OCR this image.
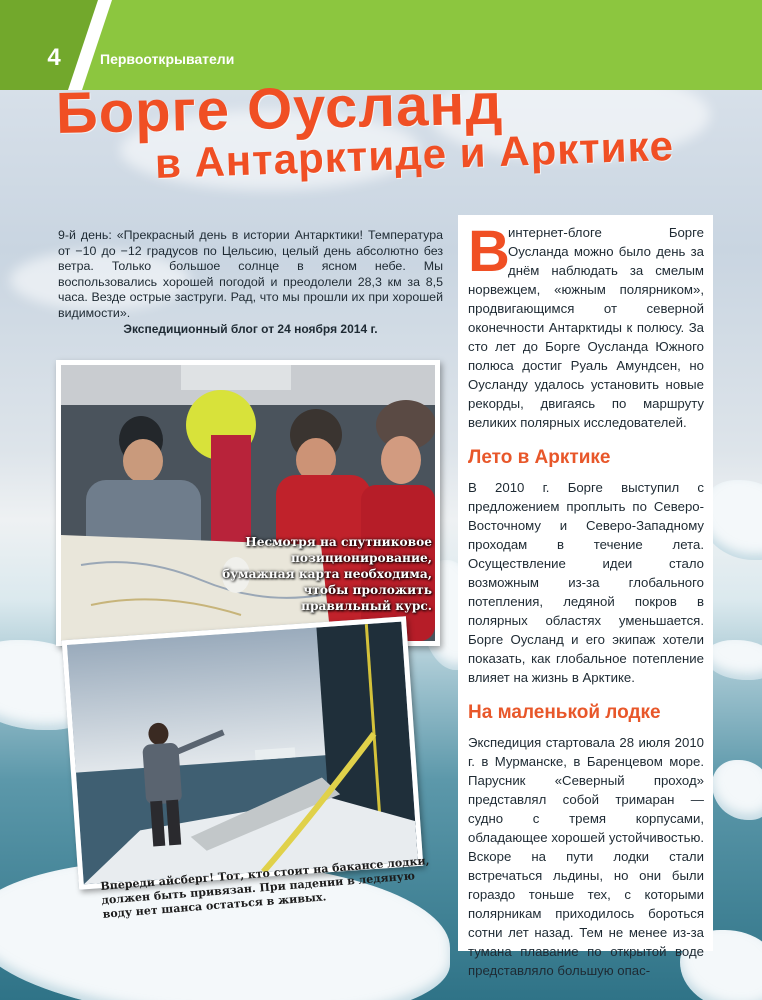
4	Первооткрыватели
Борге Оусланд
в Антарктиде и Арктике
9-й день: «Прекрасный день в истории Антарктики! Температура от −10 до −12 градусов по Цельсию, целый день абсолютно без ветра. Только большое солнце в ясном небе. Мы воспользовались хорошей погодой и преодолели 28,3 км за 8,5 часа. Везде острые заструги. Рад, что мы прошли их при хорошей видимости».
Экспедиционный блог от 24 ноября 2014 г.
Несмотря на спутниковое позиционирование, бумажная карта необходима, чтобы проложить правильный курс.
Впереди айсберг! Тот, кто стоит на бакансе лодки, должен быть привязан. При падении в ледяную воду нет шанса остаться в живых.

В
интернет-блоге Борге Оусланда можно было день за днём наблюдать за смелым норвежцем, «южным полярником», продвигающимся от северной оконечности Антарктиды к полюсу. За сто лет до Борге Оусланда Южного полюса достиг Руаль Амундсен, но Оусланду удалось установить новые рекорды, двигаясь по маршруту великих полярных исследователей.

Лето в Арктике

В 2010 г. Борге выступил с предложением проплыть по Северо-Восточному и Северо-Западному проходам в течение лета. Осуществление идеи стало возможным из-за глобального потепления, ледяной покров в полярных областях уменьшается. Борге Оусланд и его экипаж хотели показать, как глобальное потепление влияет на жизнь в Арктике.

На маленькой лодке

Экспедиция стартовала 28 июля 2010 г. в Мурманске, в Баренцевом море. Парусник «Северный проход» представлял собой тримаран — судно с тремя корпусами, обладающее хорошей устойчивостью. Вскоре на пути лодки стали встречаться льдины, но они были гораздо тоньше тех, с которыми полярникам приходилось бороться сотни лет назад. Тем не менее из-за тумана плавание по открытой воде представляло большую опас-
